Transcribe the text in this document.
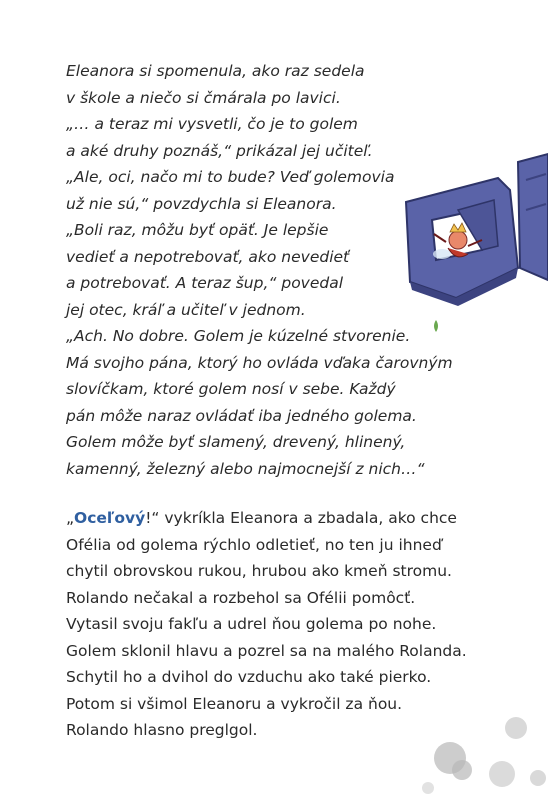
Eleanora si spomenula, ako raz sedela
v škole a niečo si čmárala po lavici.
„… a teraz mi vysvetli, čo je to golem
a aké druhy poznáš,“ prikázal jej učiteľ.
„Ale, oci, načo mi to bude? Veď golemovia
už nie sú,“ povzdychla si Eleanora.
„Boli raz, môžu byť opäť. Je lepšie
vedieť a nepotrebovať, ako nevedieť
a potrebovať. A teraz šup,“ povedal
jej otec, kráľ a učiteľ v jednom.
„Ach. No dobre. Golem je kúzelné stvorenie.
Má svojho pána, ktorý ho ovláda vďaka čarovným
slovíčkam, ktoré golem nosí v sebe. Každý
pán môže naraz ovládať iba jedného golema.
Golem môže byť slamený, drevený, hlinený,
kamenný, železný alebo najmocnejší z nich…“
„Oceľový!“ vykríkla Eleanora a zbadala, ako chce
Ofélia od golema rýchlo odletieť, no ten ju ihneď
chytil obrovskou rukou, hrubou ako kmeň stromu.
Rolando nečakal a rozbehol sa Ofélii pomôcť.
Vytasil svoju fakľu a udrel ňou golema po nohe.
Golem sklonil hlavu a pozrel sa na malého Rolanda.
Schytil ho a dvihol do vzduchu ako také pierko.
Potom si všimol Eleanoru a vykročil za ňou.
Rolando hlasno preglgol.
